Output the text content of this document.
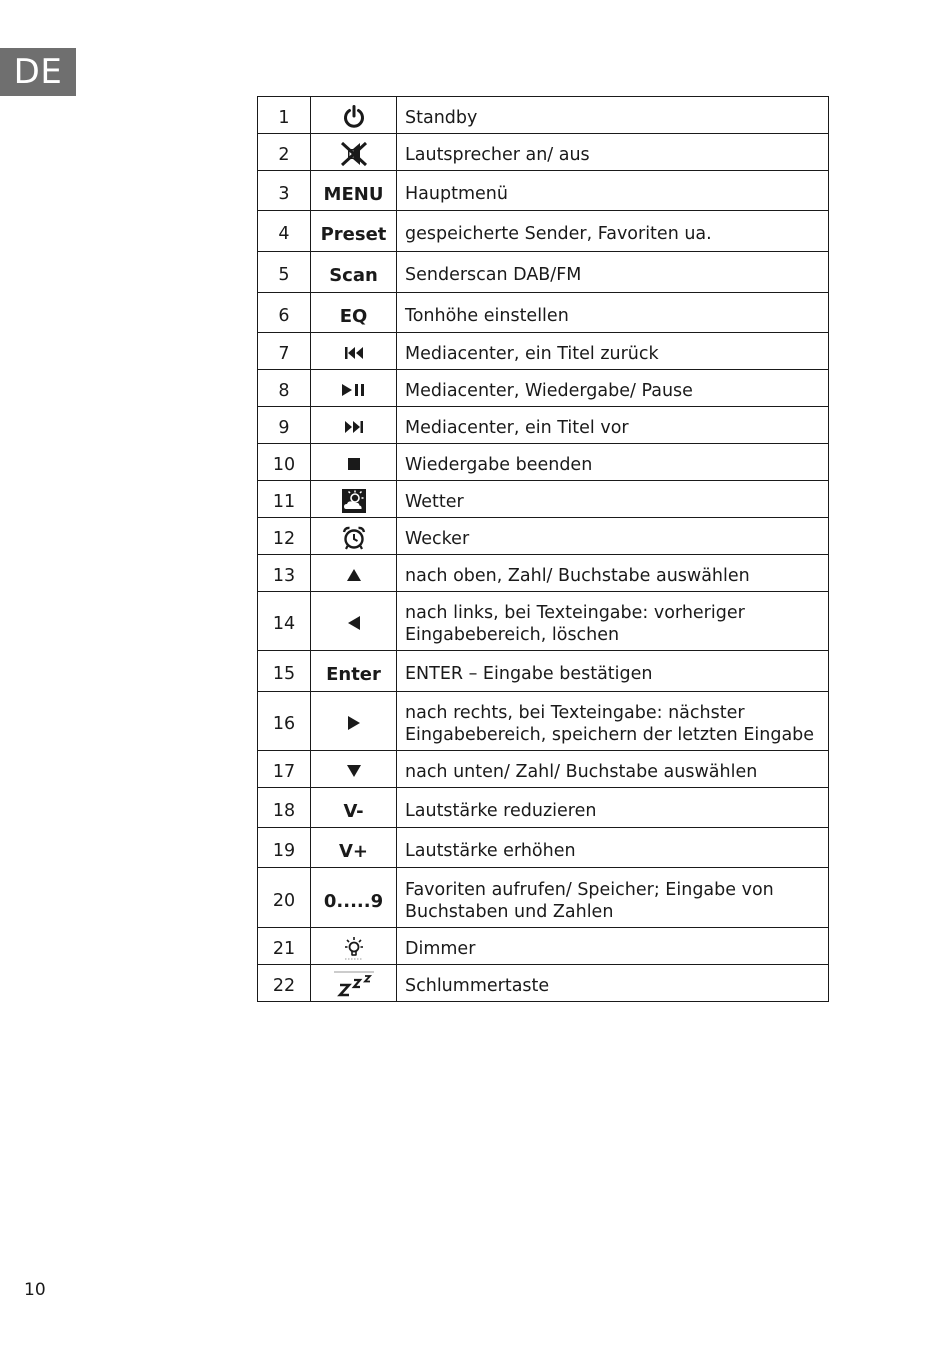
DE
1		Standby
2		Lautsprecher an/ aus
3	MENU	Hauptmenü
4	Preset	gespeicherte Sender, Favoriten ua.
5	Scan	Senderscan DAB/FM
6	EQ	Tonhöhe einstellen
7		Mediacenter, ein Titel zurück
8		Mediacenter, Wiedergabe/ Pause
9		Mediacenter, ein Titel vor
10		Wiedergabe beenden
11		Wetter
12		Wecker
13		nach oben, Zahl/ Buchstabe auswählen
14		nach links, bei Texteingabe: vorheriger
Eingabebereich, löschen
15	Enter	ENTER – Eingabe bestätigen
16		nach rechts, bei Texteingabe: nächster
Eingabebereich, speichern der letzten Eingabe
17		nach unten/ Zahl/ Buchstabe auswählen
18	V-	Lautstärke reduzieren
19	V+	Lautstärke erhöhen
20	0.....9	Favoriten aufrufen/ Speicher; Eingabe von
Buchstaben und Zahlen
21		Dimmer
22		Schlummertaste
10
